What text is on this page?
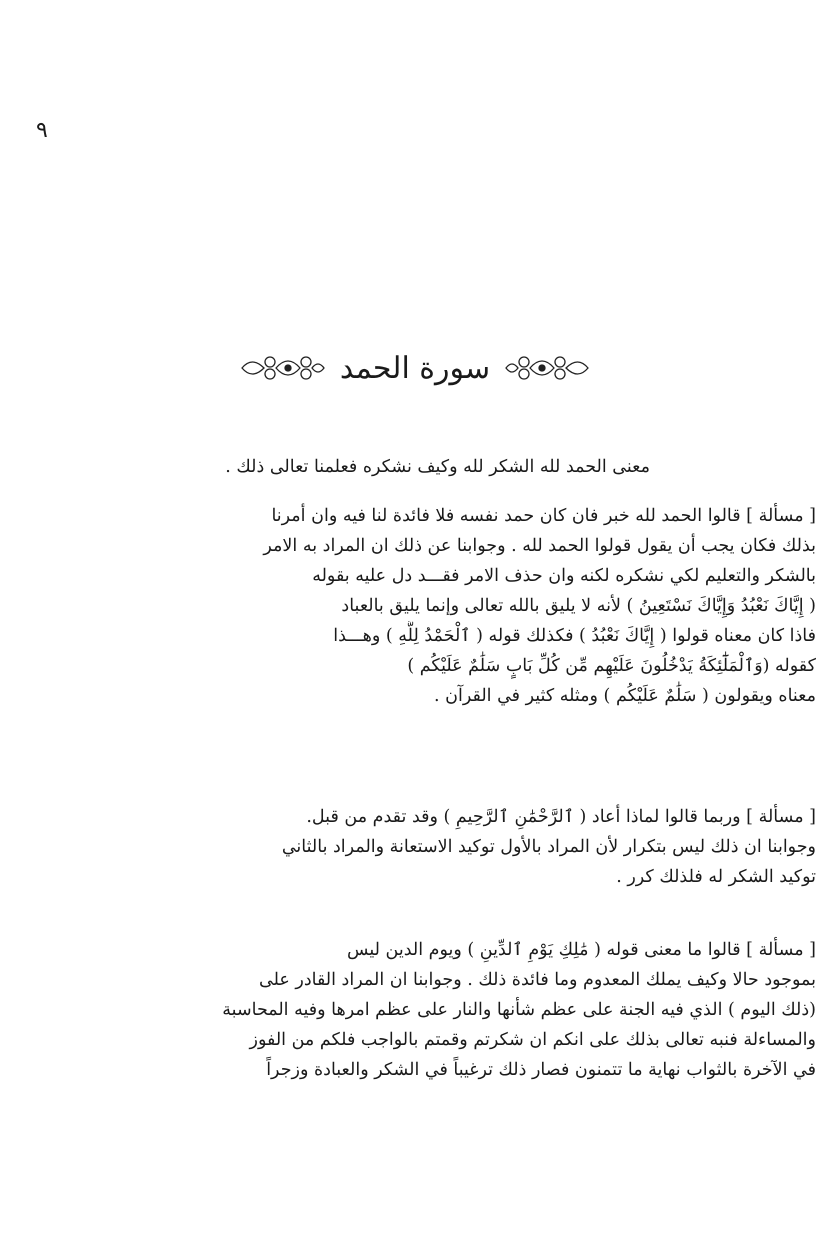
٩
سورة الحمد
معنى الحمد لله الشكر لله وكيف نشكره فعلمنا تعالى ذلك .
[ مسألة ] قالوا الحمد لله خبر فان كان حمد نفسه فلا فائدة لنا فيه وان أمرنا
بذلك فكان يجب أن يقول قولوا الحمد لله . وجوابنا عن ذلك ان المراد به الامر
بالشكر والتعليم لكي نشكره لكنه وان حذف الامر فقـــد دل عليه بقوله
( إِيَّاكَ نَعْبُدُ وَإِيَّاكَ نَسْتَعِينُ ) لأنه لا يليق بالله تعالى وإنما يليق بالعباد
فاذا كان معناه قولوا ( إِيَّاكَ نَعْبُدُ ) فكذلك قوله ( ٱلْحَمْدُ لِلَّهِ ) وهـــذا
كقوله (وَٱلْمَلَٰٓئِكَةُ يَدْخُلُونَ عَلَيْهِم مِّن كُلِّ بَابٍ سَلَٰمٌ عَلَيْكُم )
معناه ويقولون ( سَلَٰمٌ عَلَيْكُم ) ومثله كثير في القرآن .
[ مسألة ] وربما قالوا لماذا أعاد ( ٱلرَّحْمَٰنِ ٱلرَّحِيمِ ) وقد تقدم من قبل.
وجوابنا ان ذلك ليس بتكرار لأن المراد بالأول توكيد الاستعانة والمراد بالثاني
توكيد الشكر له فلذلك كرر .
[ مسألة ] قالوا ما معنى قوله ( مَٰلِكِ يَوْمِ ٱلدِّينِ ) ويوم الدين ليس
بموجود حالا وكيف يملك المعدوم وما فائدة ذلك . وجوابنا ان المراد القادر على
(ذلك اليوم ) الذي فيه الجنة على عظم شأنها والنار على عظم امرها وفيه المحاسبة
والمساءلة فنبه تعالى بذلك على انكم ان شكرتم وقمتم بالواجب فلكم من الفوز
في الآخرة بالثواب نهاية ما تتمنون فصار ذلك ترغيباً في الشكر والعبادة وزجراً
